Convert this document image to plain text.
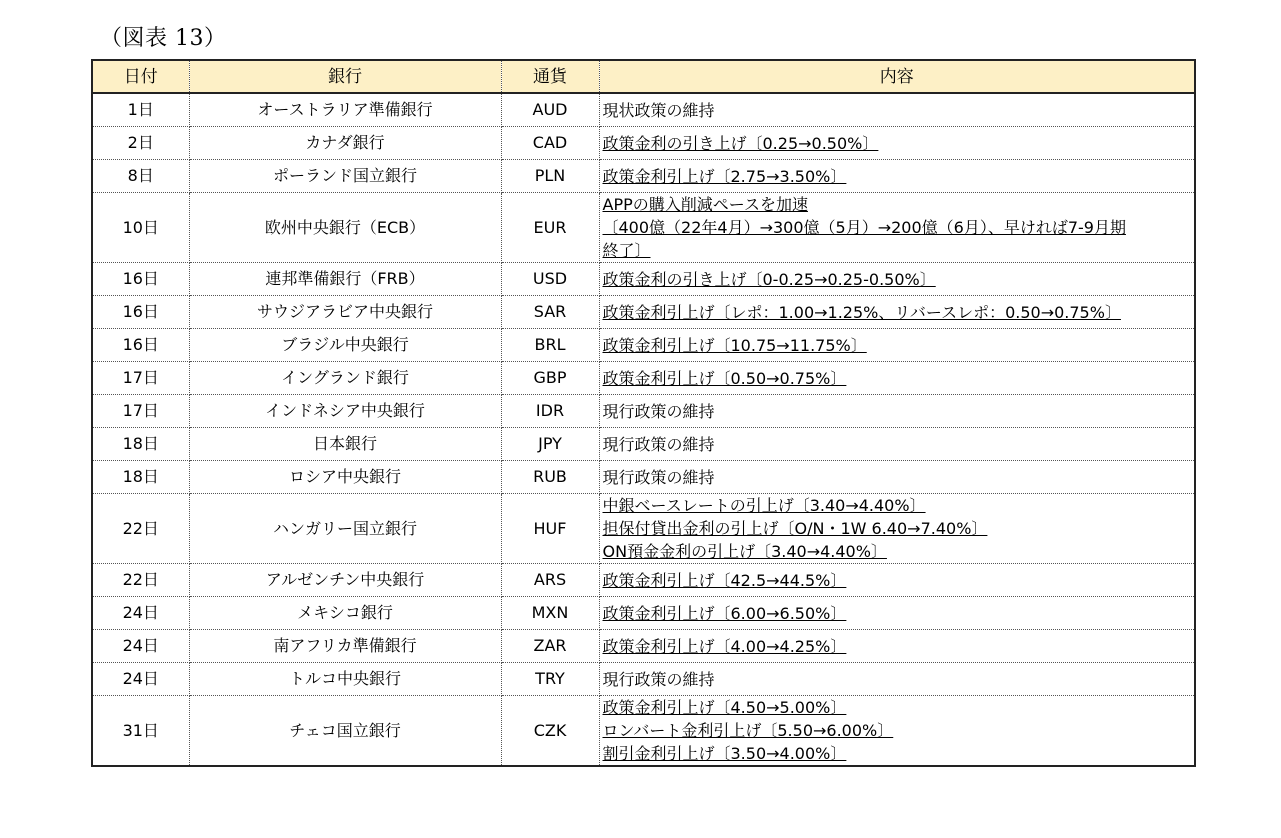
（図表 13）
日付	銀行	通貨	内容
1日	オーストラリア準備銀行	AUD	現状政策の維持

2日	カナダ銀行	CAD	政策金利の引き上げ〔0.25→0.50%〕

8日	ポーランド国立銀行	PLN	政策金利引上げ〔2.75→3.50%〕

10日	欧州中央銀行（ECB）	EUR	APPの購入削減ペースを加速
〔400億（22年4月）→300億（5月）→200億（6月）、早ければ7-9月期
終了〕

16日	連邦準備銀行（FRB）	USD	政策金利の引き上げ〔0-0.25→0.25-0.50%〕

16日	サウジアラビア中央銀行	SAR	政策金利引上げ〔レポ：1.00→1.25%、リバースレポ：0.50→0.75%〕

16日	ブラジル中央銀行	BRL	政策金利引上げ〔10.75→11.75%〕

17日	イングランド銀行	GBP	政策金利引上げ〔0.50→0.75%〕

17日	インドネシア中央銀行	IDR	現行政策の維持

18日	日本銀行	JPY	現行政策の維持

18日	ロシア中央銀行	RUB	現行政策の維持

22日	ハンガリー国立銀行	HUF	中銀ベースレートの引上げ〔3.40→4.40%〕
担保付貸出金利の引上げ〔O/N・1W 6.40→7.40%〕
ON預金金利の引上げ〔3.40→4.40%〕

22日	アルゼンチン中央銀行	ARS	政策金利引上げ〔42.5→44.5%〕

24日	メキシコ銀行	MXN	政策金利引上げ〔6.00→6.50%〕

24日	南アフリカ準備銀行	ZAR	政策金利引上げ〔4.00→4.25%〕

24日	トルコ中央銀行	TRY	現行政策の維持

31日	チェコ国立銀行	CZK	政策金利引上げ〔4.50→5.00%〕
ロンバート金利引上げ〔5.50→6.00%〕
割引金利引上げ〔3.50→4.00%〕
